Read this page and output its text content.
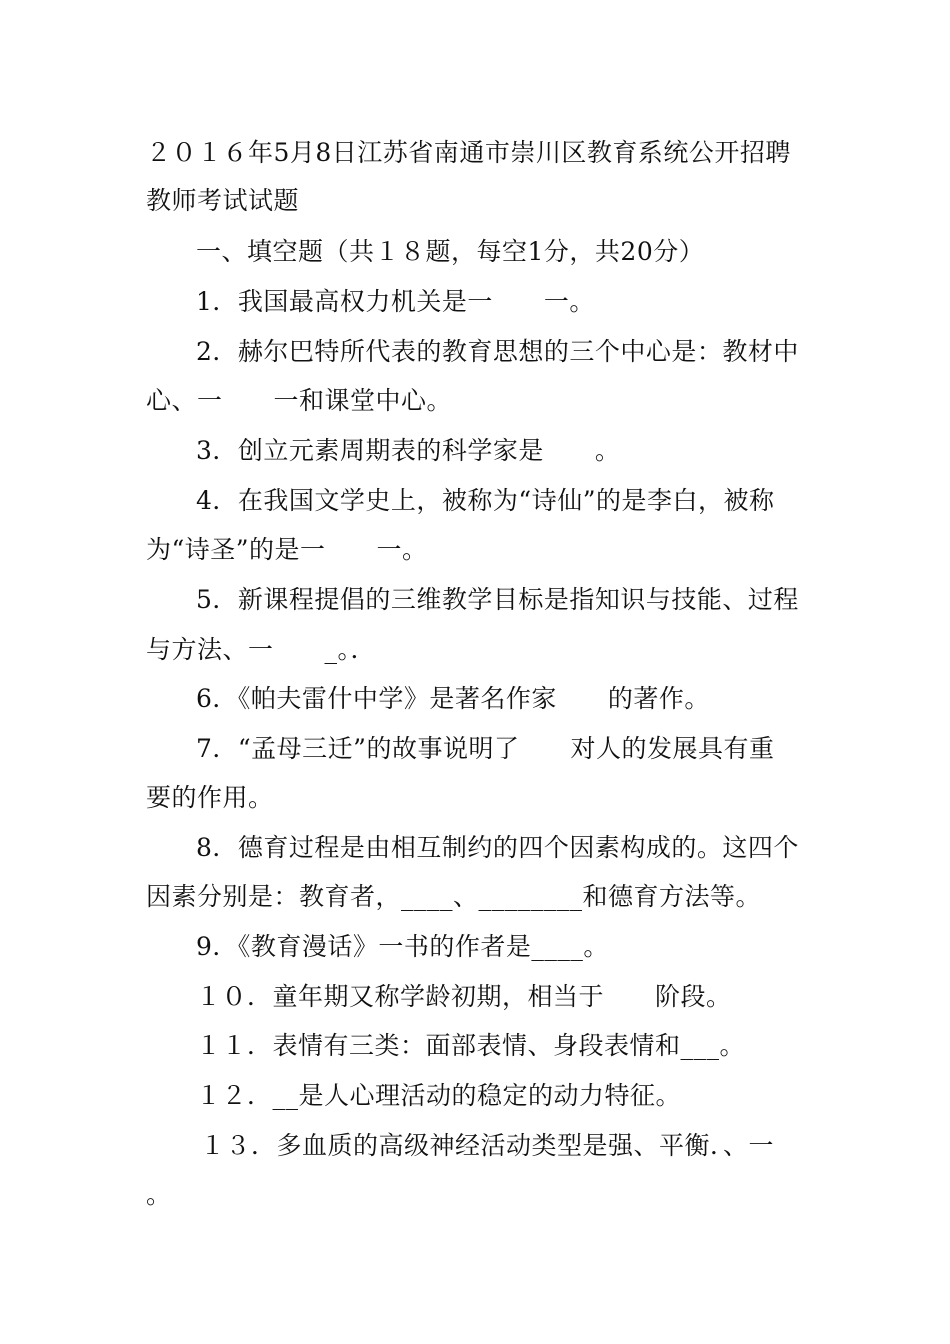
２０１６年5月8日江苏省南通市崇川区教育系统公开招聘
教师考试试题
一、填空题（共１８题，每空1分，共20分）
1．我国最高权力机关是一　　一。
2．赫尔巴特所代表的教育思想的三个中心是：教材中
心、一　　一和课堂中心。
3．创立元素周期表的科学家是　　。
4．在我国文学史上，被称为“诗仙”的是李白，被称
为“诗圣”的是一　　一。
5．新课程提倡的三维教学目标是指知识与技能、过程
与方法、一　　_。．
6．《帕夫雷什中学》是著名作家　　的著作。
7．“孟母三迁”的故事说明了　　对人的发展具有重
要的作用。
8．德育过程是由相互制约的四个因素构成的。这四个
因素分别是：教育者，____、________和德育方法等。
9．《教育漫话》一书的作者是____。
１０．童年期又称学龄初期，相当于　　阶段。
１１．表情有三类：面部表情、身段表情和___。
１２．__是人心理活动的稳定的动力特征。
１３．多血质的高级神经活动类型是强、平衡．、一
。
